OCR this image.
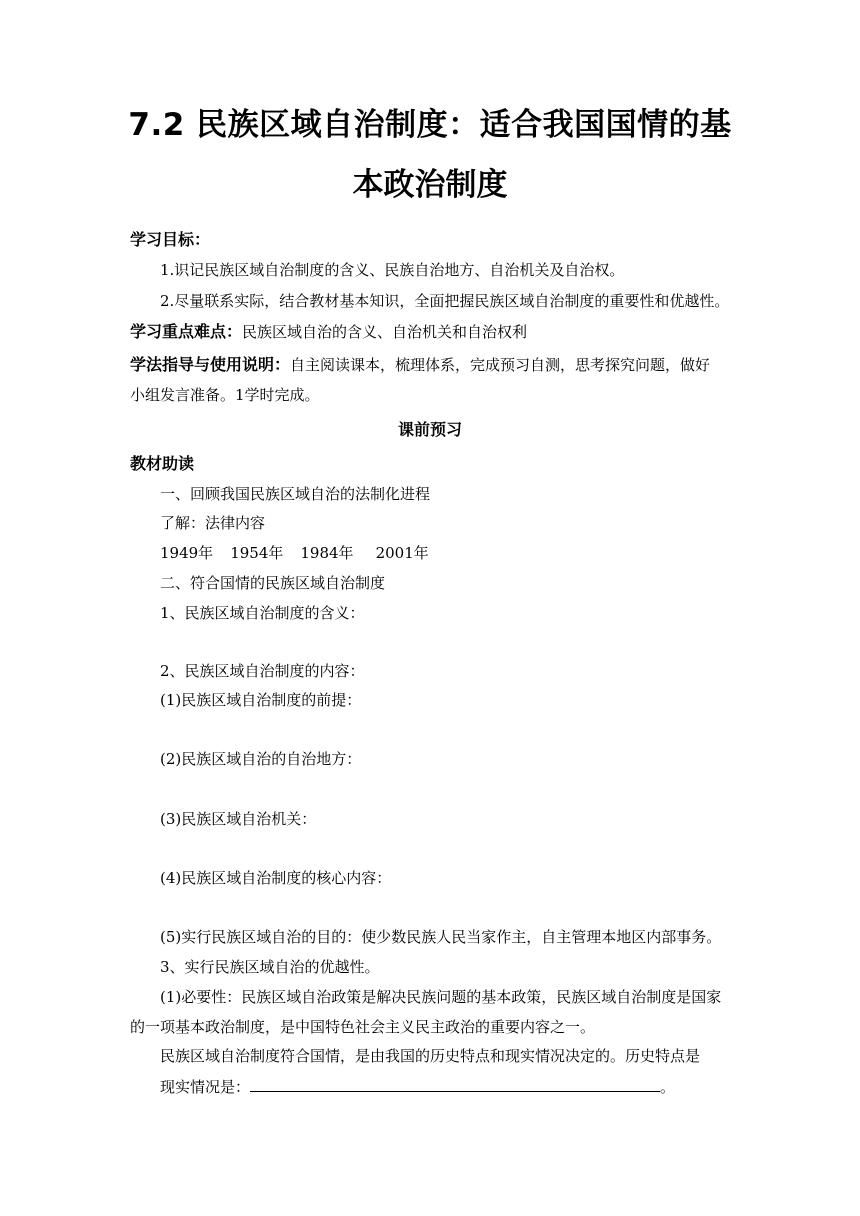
7.2 民族区域自治制度：适合我国国情的基
本政治制度
学习目标：
1.识记民族区域自治制度的含义、民族自治地方、自治机关及自治权。
2.尽量联系实际，结合教材基本知识，全面把握民族区域自治制度的重要性和优越性。
学习重点难点：民族区域自治的含义、自治机关和自治权利
学法指导与使用说明：自主阅读课本，梳理体系，完成预习自测，思考探究问题，做好
小组发言准备。1学时完成。
课前预习
教材助读
一、回顾我国民族区域自治的法制化进程
了解：法律内容
1949年 1954年 1984年 2001年
二、符合国情的民族区域自治制度
1、民族区域自治制度的含义：
2、民族区域自治制度的内容：
(1)民族区域自治制度的前提：
(2)民族区域自治的自治地方：
(3)民族区域自治机关：
(4)民族区域自治制度的核心内容：
(5)实行民族区域自治的目的：使少数民族人民当家作主，自主管理本地区内部事务。
3、实行民族区域自治的优越性。
(1)必要性：民族区域自治政策是解决民族问题的基本政策，民族区域自治制度是国家
的一项基本政治制度，是中国特色社会主义民主政治的重要内容之一。
民族区域自治制度符合国情，是由我国的历史特点和现实情况决定的。历史特点是
现实情况是：	。
